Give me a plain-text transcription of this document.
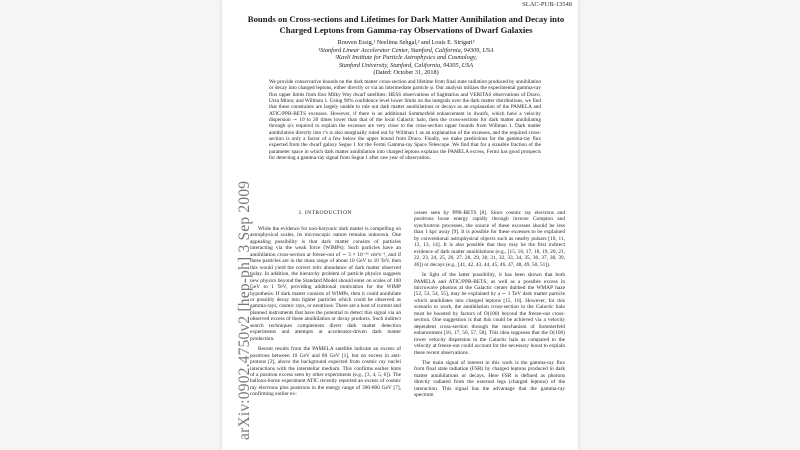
SLAC-PUB-13548
Bounds on Cross-sections and Lifetimes for Dark Matter Annihilation and Decay into Charged Leptons from Gamma-ray Observations of Dwarf Galaxies
Rouven Essig,¹ Neelima Sehgal,² and Louis E. Strigari²
¹Stanford Linear Accelerator Center, Stanford, California, 94309, USA
²Kavli Institute for Particle Astrophysics and Cosmology,
Stanford University, Stanford, California, 94305, USA
(Dated: October 31, 2018)
We provide conservative bounds on the dark matter cross-section and lifetime from final state radiation produced by annihilation or decay into charged leptons, either directly or via an intermediate particle φ. Our analysis utilizes the experimental gamma-ray flux upper limits from four Milky Way dwarf satellites: HESS observations of Sagittarius and VERITAS observations of Draco, Ursa Minor, and Willman 1. Using 90% confidence level lower limits on the integrals over the dark matter distributions, we find that these constraints are largely unable to rule out dark matter annihilations or decays as an explanation of the PAMELA and ATIC/PPB-BETS excesses. However, if there is an additional Sommerfeld enhancement in dwarfs, which have a velocity dispersion ∼ 10 to 20 times lower than that of the local Galactic halo, then the cross-sections for dark matter annihilating through φ's required to explain the excesses are very close to the cross-section upper bounds from Willman 1. Dark matter annihilation directly into τ's is also marginally ruled out by Willman 1 as an explanation of the excesses, and the required cross-section is only a factor of a few below the upper bound from Draco. Finally, we make predictions for the gamma-ray flux expected from the dwarf galaxy Segue 1 for the Fermi Gamma-ray Space Telescope. We find that for a sizeable fraction of the parameter space in which dark matter annihilation into charged leptons explains the PAMELA excess, Fermi has good prospects for detecting a gamma-ray signal from Segue 1 after one year of observation.
I. INTRODUCTION

While the evidence for non-baryonic dark matter is compelling on astrophysical scales, its microscopic nature remains unknown. One appealing possibility is that dark matter consists of particles interacting via the weak force (WIMPs). Such particles have an annihilation cross-section at freeze-out of ∼ 3 × 10⁻²⁶ cm³s⁻¹, and if these particles are in the mass range of about 10 GeV to 10 TeV, then this would yield the correct relic abundance of dark matter observed today. In addition, the hierarchy problem of particle physics suggests new physics beyond the Standard Model should enter on scales of 100 GeV to 1 TeV, providing additional motivation for the WIMP hypothesis. If dark matter consists of WIMPs, then it could annihilate or possibly decay into lighter particles which could be observed as gamma-rays, cosmic rays, or neutrinos. There are a host of current and planned instruments that have the potential to detect this signal via an observed excess of these annihilation or decay products. Such indirect search techniques complement direct dark matter detection experiments and attempts at accelerator-driven dark matter production.

Recent results from the PAMELA satellite indicate an excess of positrons between 10 GeV and 80 GeV [1], but no excess in anti-protons [2], above the background expected from cosmic ray nuclei interactions with the interstellar medium. This confirms earlier hints of a positron excess seen by other experiments (e.g., [3, 4, 5, 6]). The balloon-borne experiment ATIC recently reported an excess of cosmic ray electrons plus positrons in the energy range of 300-800 GeV [7], confirming earlier ex-

cesses seen by PPB-BETS [8]. Since cosmic ray electrons and positrons loose energy rapidly through inverse Compton and synchrotron processes, the source of these excesses should be less than 1 kpc away [9]. It is possible for these excesses to be explained by conventional astrophysical objects such as nearby pulsars [10, 11, 12, 13, 14]. It is also possible that they may be the first indirect evidence of dark matter annihilations (e.g., [15, 16, 17, 18, 19, 20, 21, 22, 23, 24, 25, 26, 27, 28, 29, 30, 31, 32, 33, 34, 35, 36, 37, 38, 39, 40]) or decays (e.g., [41, 42, 43, 44, 45, 46, 47, 48, 49, 50, 51]).

In light of the latter possibility, it has been shown that both PAMELA and ATIC/PPB-BETS, as well as a possible excess in microwave photons at the Galactic center dubbed the WMAP haze [52, 53, 54, 55], may be explained by a ∼ 1 TeV dark matter particle which annihilates into charged leptons [15, 16]. However, for this scenario to work, the annihilation cross-section in the Galactic halo must be boosted by factors of O(100) beyond the freeze-out cross-section. One suggestion is that this could be achieved via a velocity dependent cross-section through the mechanism of Sommerfeld enhancement [16, 17, 56, 57, 58]. This idea supposes that the O(100) lower velocity dispersion in the Galactic halo as compared to the velocity at freeze-out could account for the necessary boost to explain these recent observations.

The main signal of interest in this work is the gamma-ray flux from final state radiation (FSR) by charged leptons produced in dark matter annihilations or decays. Here FSR is defined as photons directly radiated from the external legs (charged leptons) of the interaction. This signal has the advantage that the gamma-ray spectrum

arXiv:0902.4750v2 [hep-ph] 3 Sep 2009
